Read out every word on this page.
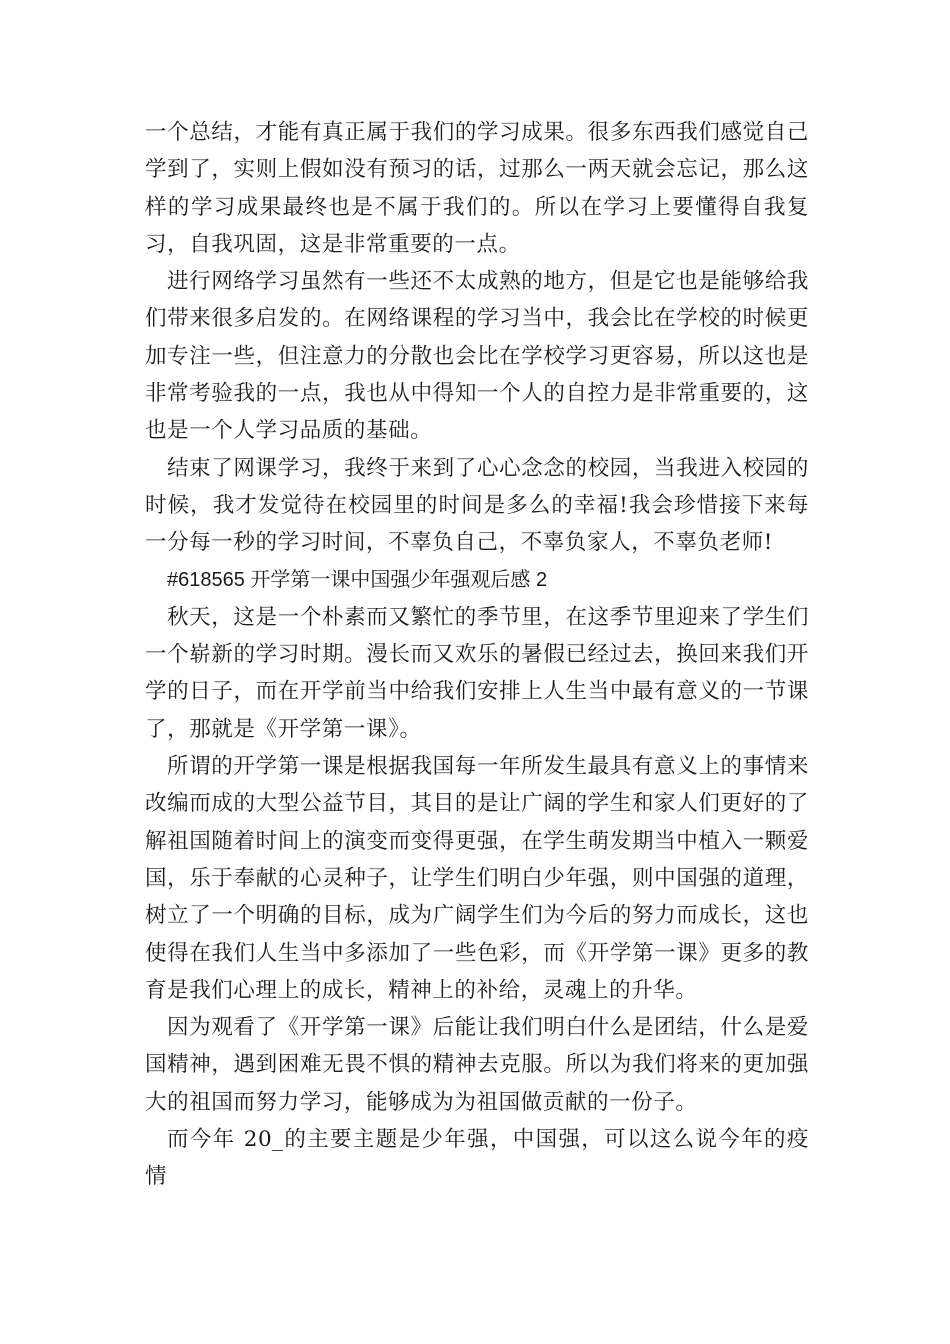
一个总结，才能有真正属于我们的学习成果。很多东西我们感觉自己学到了，实则上假如没有预习的话，过那么一两天就会忘记，那么这样的学习成果最终也是不属于我们的。所以在学习上要懂得自我复习，自我巩固，这是非常重要的一点。

进行网络学习虽然有一些还不太成熟的地方，但是它也是能够给我们带来很多启发的。在网络课程的学习当中，我会比在学校的时候更加专注一些，但注意力的分散也会比在学校学习更容易，所以这也是非常考验我的一点，我也从中得知一个人的自控力是非常重要的，这也是一个人学习品质的基础。

结束了网课学习，我终于来到了心心念念的校园，当我进入校园的时候，我才发觉待在校园里的时间是多么的幸福!我会珍惜接下来每一分每一秒的学习时间，不辜负自己，不辜负家人，不辜负老师!

#618565 开学第一课中国强少年强观后感 2

秋天，这是一个朴素而又繁忙的季节里，在这季节里迎来了学生们一个崭新的学习时期。漫长而又欢乐的暑假已经过去，换回来我们开学的日子，而在开学前当中给我们安排上人生当中最有意义的一节课了，那就是《开学第一课》。

所谓的开学第一课是根据我国每一年所发生最具有意义上的事情来改编而成的大型公益节目，其目的是让广阔的学生和家人们更好的了解祖国随着时间上的演变而变得更强，在学生萌发期当中植入一颗爱国，乐于奉献的心灵种子，让学生们明白少年强，则中国强的道理，树立了一个明确的目标，成为广阔学生们为今后的努力而成长，这也使得在我们人生当中多添加了一些色彩，而《开学第一课》更多的教育是我们心理上的成长，精神上的补给，灵魂上的升华。

因为观看了《开学第一课》后能让我们明白什么是团结，什么是爱国精神，遇到困难无畏不惧的精神去克服。所以为我们将来的更加强大的祖国而努力学习，能够成为为祖国做贡献的一份子。

而今年 20_的主要主题是少年强，中国强，可以这么说今年的疫情
